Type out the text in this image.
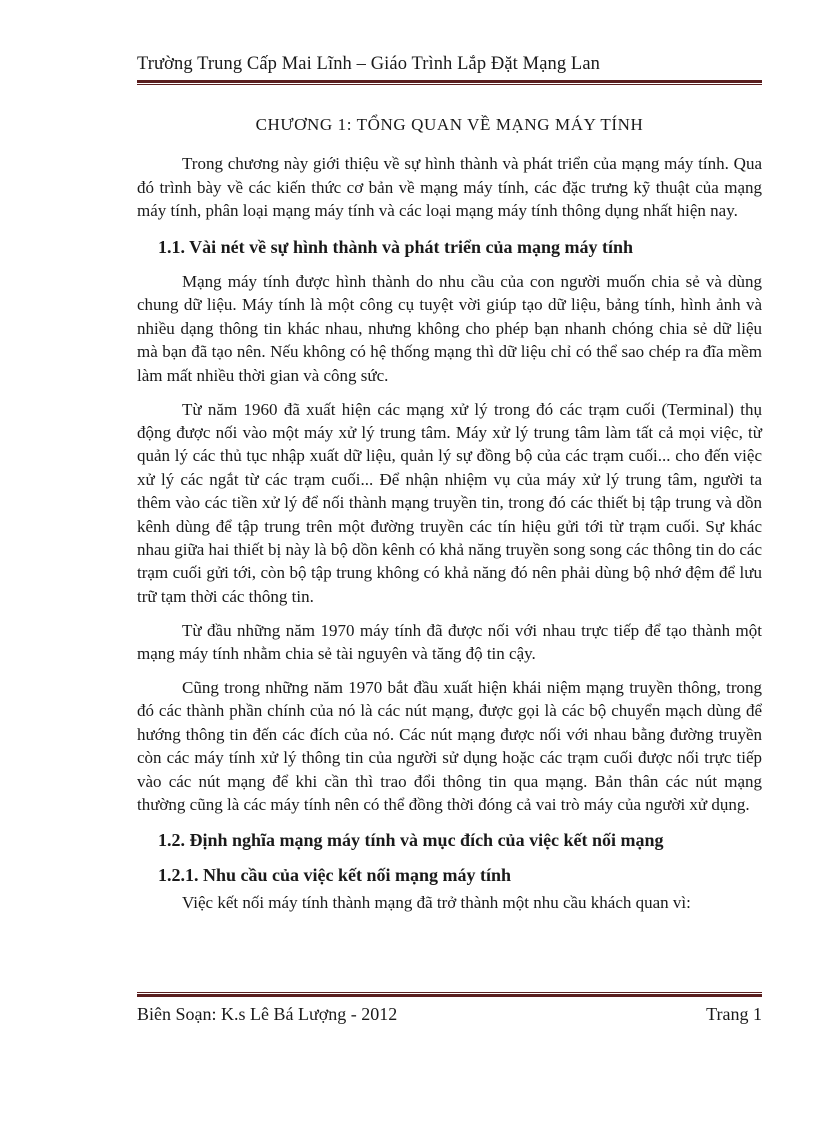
Trường Trung Cấp Mai Lĩnh – Giáo Trình Lắp Đặt Mạng Lan
CHƯƠNG 1: TỔNG QUAN VỀ MẠNG MÁY TÍNH

Trong chương này giới thiệu về sự hình thành và phát triển của mạng máy tính. Qua đó trình bày về các kiến thức cơ bản về mạng máy tính, các đặc trưng kỹ thuật của mạng máy tính, phân loại mạng máy tính và các loại mạng máy tính thông dụng nhất hiện nay.

1.1. Vài nét về sự hình thành và phát triển của mạng máy tính

Mạng máy tính được hình thành do nhu cầu của con người muốn chia sẻ và dùng chung dữ liệu. Máy tính là một công cụ tuyệt vời giúp tạo dữ liệu, bảng tính, hình ảnh và nhiều dạng thông tin khác nhau, nhưng không cho phép bạn nhanh chóng chia sẻ dữ liệu mà bạn đã tạo nên. Nếu không có hệ thống mạng thì dữ liệu chỉ có thể sao chép ra đĩa mềm làm mất nhiều thời gian và công sức.

Từ năm 1960 đã xuất hiện các mạng xử lý trong đó các trạm cuối (Terminal) thụ động được nối vào một máy xử lý trung tâm. Máy xử lý trung tâm làm tất cả mọi việc, từ quản lý các thủ tục nhập xuất dữ liệu, quản lý sự đồng bộ của các trạm cuối... cho đến việc xử lý các ngắt từ các trạm cuối... Để nhận nhiệm vụ của máy xử lý trung tâm, người ta thêm vào các tiền xử lý để nối thành mạng truyền tin, trong đó các thiết bị tập trung và dồn kênh dùng để tập trung trên một đường truyền các tín hiệu gửi tới từ trạm cuối. Sự khác nhau giữa hai thiết bị này là bộ dồn kênh có khả năng truyền song song các thông tin do các trạm cuối gửi tới, còn bộ tập trung không có khả năng đó nên phải dùng bộ nhớ đệm để lưu trữ tạm thời các thông tin.

Từ đầu những năm 1970 máy tính đã được nối với nhau trực tiếp để tạo thành một mạng máy tính nhằm chia sẻ tài nguyên và tăng độ tin cậy.

Cũng trong những năm 1970 bắt đầu xuất hiện khái niệm mạng truyền thông, trong đó các thành phần chính của nó là các nút mạng, được gọi là các bộ chuyển mạch dùng để hướng thông tin đến các đích của nó. Các nút mạng được nối với nhau bằng đường truyền còn các máy tính xử lý thông tin của người sử dụng hoặc các trạm cuối được nối trực tiếp vào các nút mạng để khi cần thì trao đổi thông tin qua mạng. Bản thân các nút mạng thường cũng là các máy tính nên có thể đồng thời đóng cả vai trò máy của người xử dụng.

1.2. Định nghĩa mạng máy tính và mục đích của việc kết nối mạng
1.2.1. Nhu cầu của việc kết nối mạng máy tính

Việc kết nối máy tính thành mạng đã trở thành một nhu cầu khách quan vì:

Biên Soạn: K.s Lê Bá Lượng - 2012	Trang 1
